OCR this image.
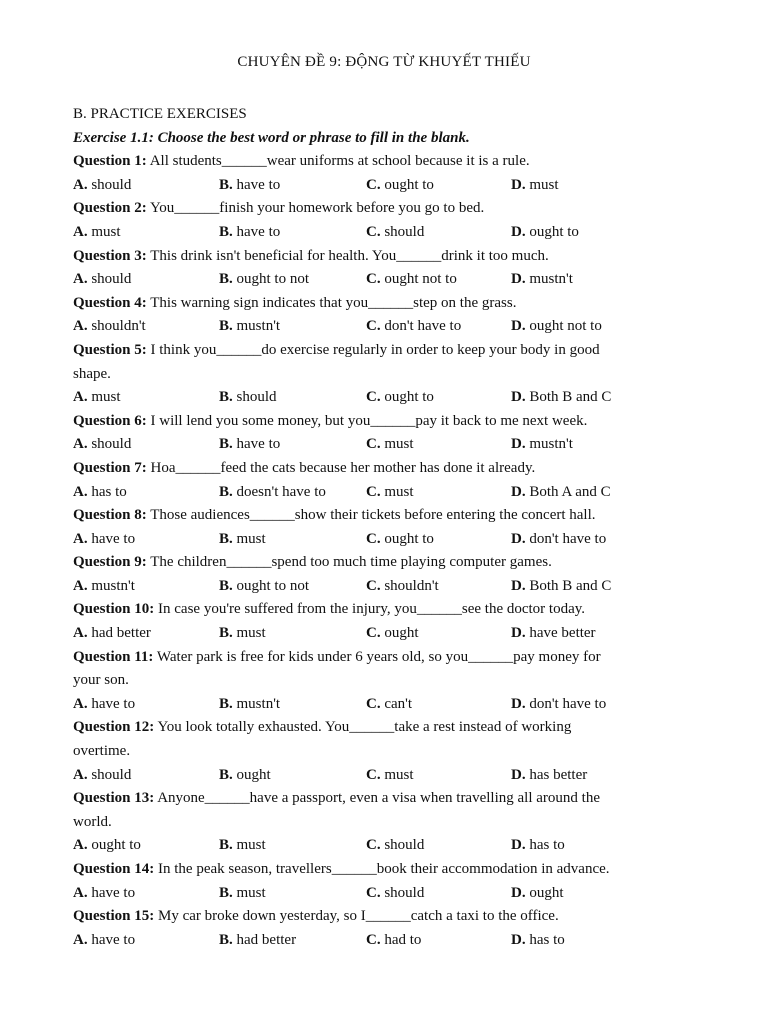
CHUYÊN ĐỀ 9: ĐỘNG TỪ KHUYẾT THIẾU
B. PRACTICE EXERCISES
Exercise 1.1: Choose the best word or phrase to fill in the blank.
Question 1: All students______wear uniforms at school because it is a rule.
A. should	B. have to	C. ought to	D. must
Question 2: You______finish your homework before you go to bed.
A. must	B. have to	C. should	D. ought to
Question 3: This drink isn't beneficial for health. You______drink it too much.
A. should	B. ought to not	C. ought not to	D. mustn't
Question 4: This warning sign indicates that you______step on the grass.
A. shouldn't	B. mustn't	C. don't have to	D. ought not to
Question 5: I think you______do exercise regularly in order to keep your body in good
shape.
A. must	B. should	C. ought to	D. Both B and C
Question 6: I will lend you some money, but you______pay it back to me next week.
A. should	B. have to	C. must	D. mustn't
Question 7: Hoa______feed the cats because her mother has done it already.
A. has to	B. doesn't have to	C. must	D. Both A and C
Question 8: Those audiences______show their tickets before entering the concert hall.
A. have to	B. must	C. ought to	D. don't have to
Question 9: The children______spend too much time playing computer games.
A. mustn't	B. ought to not	C. shouldn't	D. Both B and C
Question 10: In case you're suffered from the injury, you______see the doctor today.
A. had better	B. must	C. ought	D. have better
Question 11: Water park is free for kids under 6 years old, so you______pay money for
your son.
A. have to	B. mustn't	C. can't	D. don't have to
Question 12: You look totally exhausted. You______take a rest instead of working
overtime.
A. should	B. ought	C. must	D. has better
Question 13: Anyone______have a passport, even a visa when travelling all around the
world.
A. ought to	B. must	C. should	D. has to
Question 14: In the peak season, travellers______book their accommodation in advance.
A. have to	B. must	C. should	D. ought
Question 15: My car broke down yesterday, so I______catch a taxi to the office.
A. have to	B. had better	C. had to	D. has to
